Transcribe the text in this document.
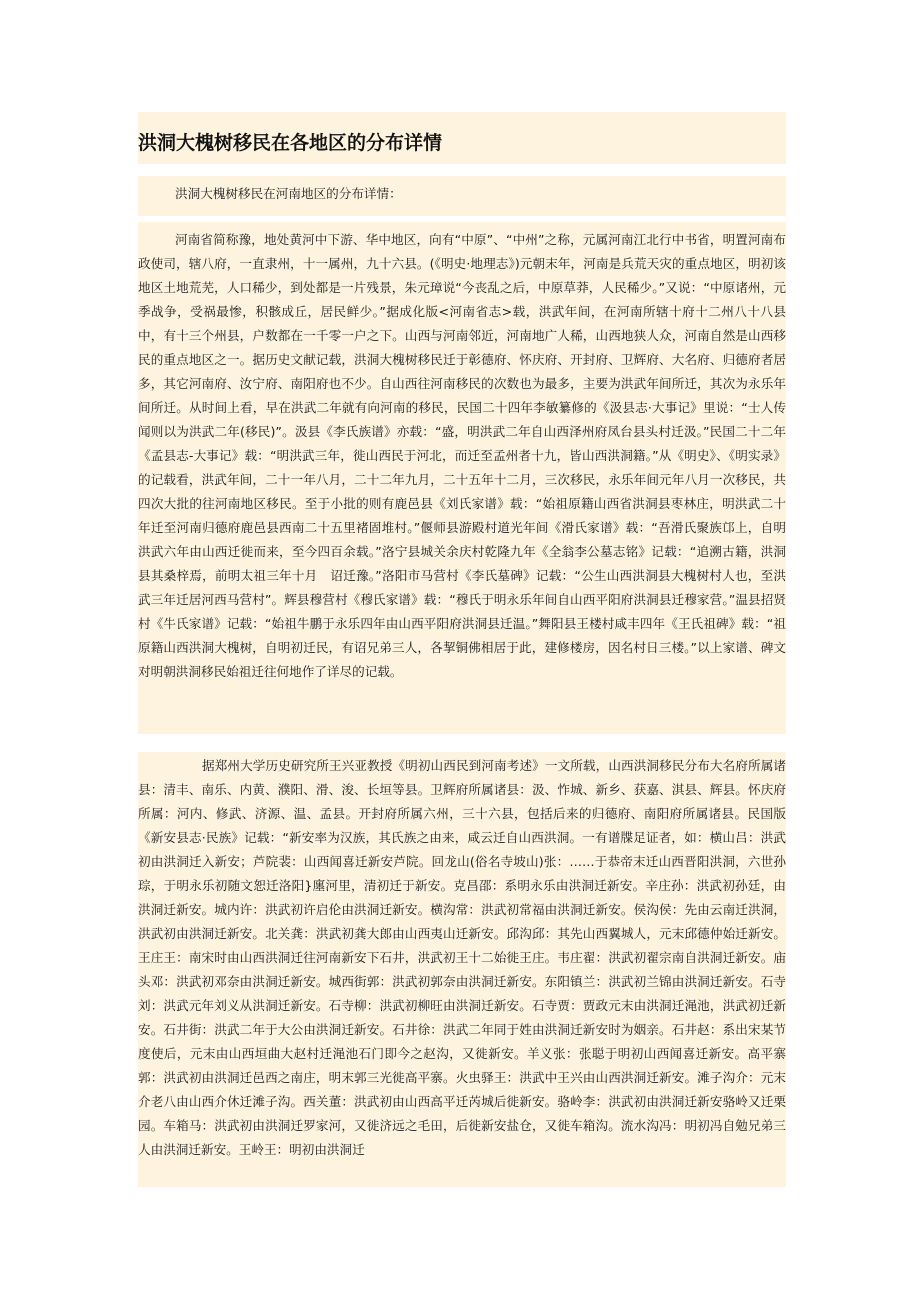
洪洞大槐树移民在各地区的分布详情

洪洞大槐树移民在河南地区的分布详情：

河南省简称豫，地处黄河中下游、华中地区，向有“中原”、“中州”之称，元属河南江北行中书省，明置河南布政使司，辖八府，一直隶州，十一属州，九十六县。(《明史·地理志》)元朝末年，河南是兵荒天灾的重点地区，明初该地区土地荒芜，人口稀少，到处都是一片残景，朱元璋说“今丧乱之后，中原草莽，人民稀少。”又说：“中原诸州，元季战争，受祸最惨，积骸成丘，居民鲜少。”据成化版<河南省志>载，洪武年间，在河南所辖十府十二州八十八县中，有十三个州县，户数都在一千零一户之下。山西与河南邻近，河南地广人稀，山西地狭人众，河南自然是山西移民的重点地区之一。据历史文献记载，洪洞大槐树移民迁于彰德府、怀庆府、开封府、卫辉府、大名府、归德府者居多，其它河南府、汝宁府、南阳府也不少。自山西往河南移民的次数也为最多，主要为洪武年间所迁，其次为永乐年间所迁。从时间上看，早在洪武二年就有向河南的移民，民国二十四年李敏纂修的《汲县志·大事记》里说：“士人传闻则以为洪武二年(移民)”。汲县《李氏族谱》亦载：“盛，明洪武二年自山西泽州府凤台县头村迁汲。”民国二十二年《孟县志-大事记》载：“明洪武三年，徙山西民于河北，而迁至孟州者十九，皆山西洪洞籍。”从《明史》、《明实录》的记载看，洪武年间，二十一年八月，二十二年九月，二十五年十二月，三次移民，永乐年间元年八月一次移民，共四次大批的往河南地区移民。至于小批的则有鹿邑县《刘氏家谱》载：“始祖原籍山西省洪洞县枣林庄，明洪武二十年迁至河南归德府鹿邑县西南二十五里褚固堆村。”偃师县游殿村道光年间《滑氏家谱》载：“吾滑氏聚族邙上，自明洪武六年由山西迁徙而来，至今四百余载。”洛宁县城关余庆村乾隆九年《全翁李公墓志铭》记载：“追溯古籍，洪洞县其桑梓焉，前明太祖三年十月　诏迁豫。”洛阳市马营村《李氏墓碑》记载：“公生山西洪洞县大槐树村人也，至洪武三年迁居河西马营村”。辉县穆营村《穆氏家谱》载：“穆氏于明永乐年间自山西平阳府洪洞县迁穆家营。”温县招贤村《牛氏家谱》记载：“始祖牛鹏于永乐四年由山西平阳府洪洞县迁温。”舞阳县王楼村咸丰四年《王氏祖碑》载：“祖原籍山西洪洞大槐树，自明初迁民，有诏兄弟三人，各挈铜佛相居于此，建修楼房，因名村日三楼。”以上家谱、碑文对明朝洪洞移民始祖迁往何地作了详尽的记载。

据郑州大学历史研究所王兴亚教授《明初山西民到河南考述》一文所载，山西洪洞移民分布大名府所属诸县：清丰、南乐、内黄、濮阳、滑、浚、长垣等县。卫辉府所属诸县：汲、怍城、新乡、获嘉、淇县、辉县。怀庆府所属：河内、修武、济源、温、孟县。开封府所属六州，三十六县，包括后来的归德府、南阳府所属诸县。民国版《新安县志·民族》记载：“新安率为汉族，其氏族之由来，咸云迁自山西洪洞。一有谱牒足证者，如：横山吕：洪武初由洪洞迁入新安；芦院裴：山西闻喜迁新安芦院。回龙山(俗名寺坡山)张：……于恭帝末迁山西晋阳洪洞，六世孙琮，于明永乐初随文恕迁洛阳}廛河里，清初迁于新安。克昌邵：系明永乐由洪洞迁新安。辛庄孙：洪武初孙廷，由洪洞迁新安。城内许：洪武初许启伦由洪洞迁新安。横沟常：洪武初常福由洪洞迁新安。侯沟侯：先由云南迁洪洞，洪武初由洪洞迁新安。北关龚：洪武初龚大郎由山西夷山迁新安。邱沟邱：其先山西翼城人，元末邱德仲始迁新安。王庄王：南宋时由山西洪洞迁往河南新安下石井，洪武初王十二始徙王庄。韦庄翟：洪武初翟宗南自洪洞迁新安。庙头邓：洪武初邓奈由洪洞迁新安。城西街郭：洪武初郭奈由洪洞迁新安。东阳镇兰：洪武初兰锦由洪洞迁新安。石寺刘：洪武元年刘义从洪洞迁新安。石寺柳：洪武初柳旺由洪洞迁新安。石寺贾：贾政元末由洪洞迁渑池，洪武初迁新安。石井街：洪武二年于大公由洪洞迁新安。石井徐：洪武二年同于姓由洪洞迁新安时为姻亲。石井赵：系出宋某节度使后，元末由山西垣曲大赵村迁渑池石门即今之赵沟，又徙新安。羊义张：张聪于明初山西闻喜迁新安。高平寨郭：洪武初由洪洞迁邑西之南庄，明末郭三光徙高平寨。火虫驿王：洪武中王兴由山西洪洞迁新安。滩子沟介：元末介老八由山西介休迁滩子沟。西关董：洪武初由山西高平迁芮城后徙新安。骆岭李：洪武初由洪洞迁新安骆岭又迁栗园。车箱马：洪武初由洪洞迁罗家河，又徙济远之毛田，后徙新安盐仓，又徙车箱沟。流水沟冯：明初冯自勉兄弟三人由洪洞迁新安。王岭王：明初由洪洞迁
